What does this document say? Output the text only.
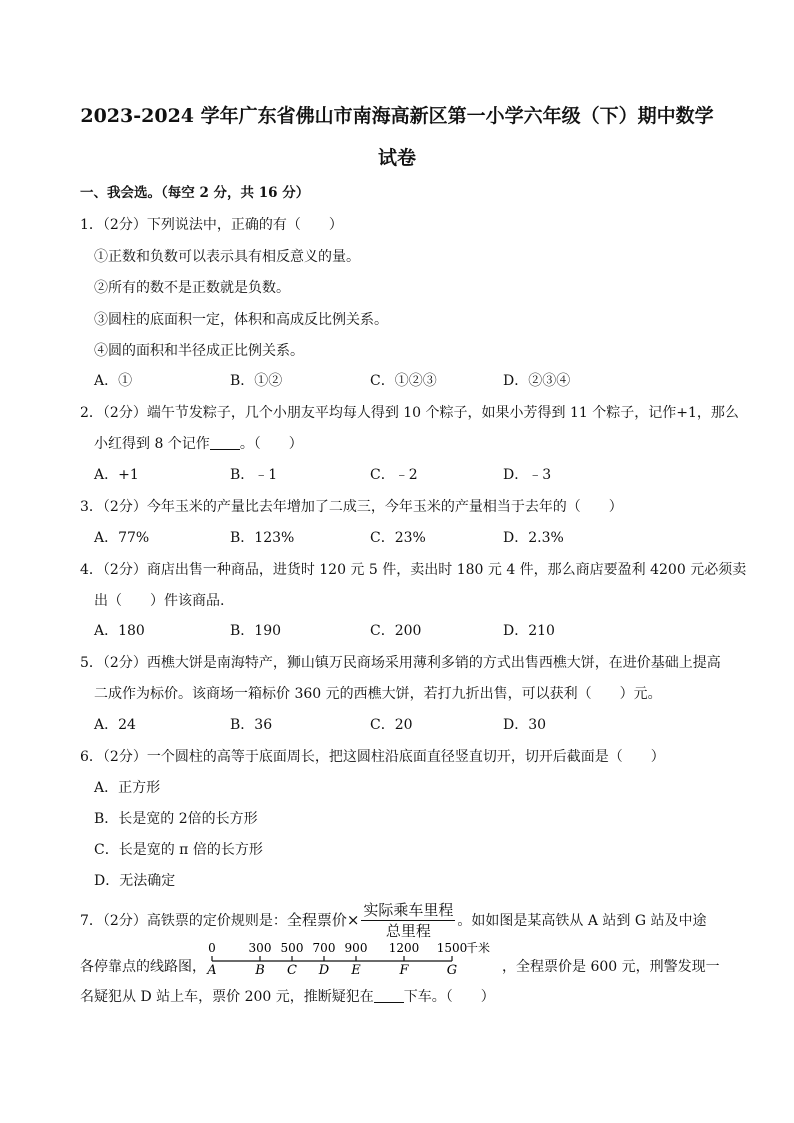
2023-2024 学年广东省佛山市南海高新区第一小学六年级（下）期中数学
试卷
一、我会选。（每空 2 分，共 16 分）
1．（2分）下列说法中，正确的有（　　）
①正数和负数可以表示具有相反意义的量。
②所有的数不是正数就是负数。
③圆柱的底面积一定，体积和高成反比例关系。
④圆的面积和半径成正比例关系。
A．①	B．①②	C．①②③	D．②③④
2．（2分）端午节发粽子，几个小朋友平均每人得到 10 个粽子，如果小芳得到 11 个粽子，记作+1，那么
小红得到 8 个记作 。（　　）
A．+1	B．﹣1	C．﹣2	D．﹣3
3．（2分）今年玉米的产量比去年增加了二成三，今年玉米的产量相当于去年的（　　）
A．77%	B．123%	C．23%	D．2.3%
4．（2分）商店出售一种商品，进货时 120 元 5 件，卖出时 180 元 4 件，那么商店要盈利 4200 元必须卖
出（　　）件该商品.
A．180	B．190	C．200	D．210
5．（2分）西樵大饼是南海特产，狮山镇万民商场采用薄利多销的方式出售西樵大饼，在进价基础上提高
二成作为标价。该商场一箱标价 360 元的西樵大饼，若打九折出售，可以获利（　　）元。
A．24	B．36	C．20	D．30
6．（2分）一个圆柱的高等于底面周长，把这圆柱沿底面直径竖直切开，切开后截面是（　　）
A．正方形
B．长是宽的 2倍的长方形
C．长是宽的 π 倍的长方形
D．无法确定
7．（2分）高铁票的定价规则是：全程票价× $\frac{\text{实际乘车里程}}{\text{总里程}}$ 。如如图是某高铁从 A 站到 G 站及中途
各停靠点的线路图，
0
A
300
B
500
C
700
D
900
E
1200
F
1500
G
千米
，全程票价是 600 元，刑警发现一
名疑犯从 D 站上车，票价 200 元，推断疑犯在 下车。（　　）
